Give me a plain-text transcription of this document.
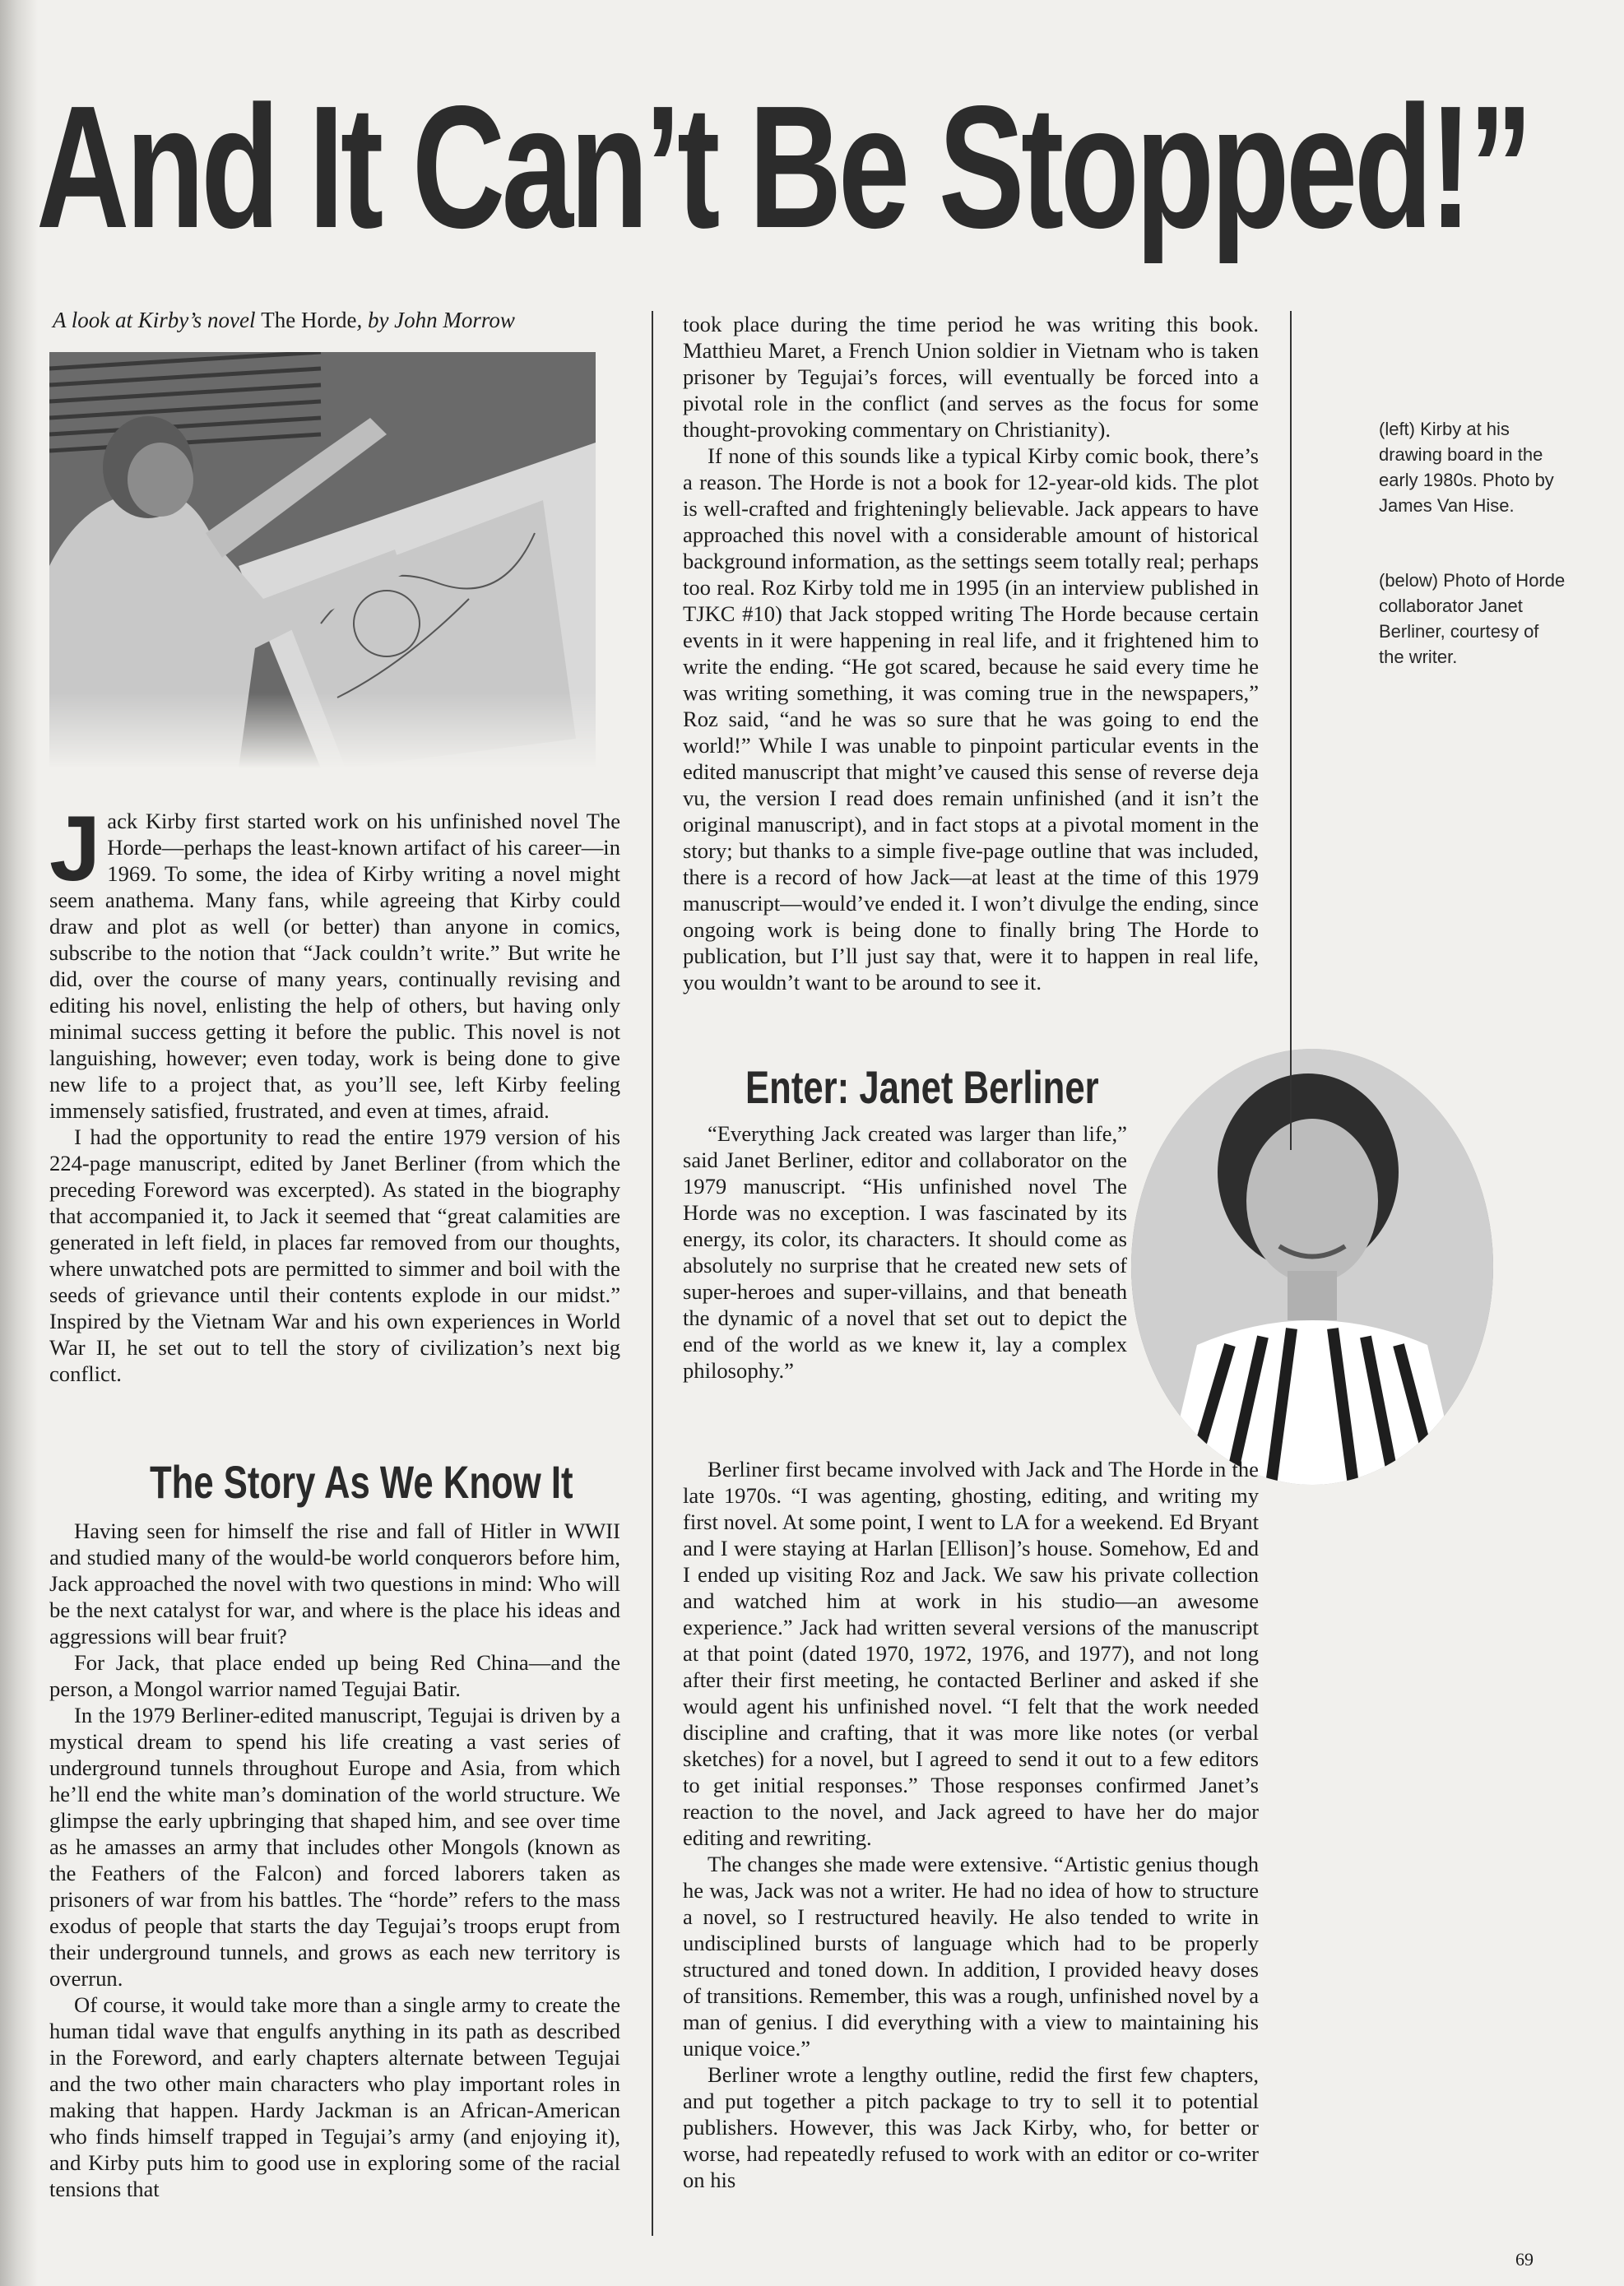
And It Can’t Be Stopped!”
A look at Kirby’s novel The Horde, by John Morrow

Jack Kirby first started work on his unfinished novel The Horde—perhaps the least-known artifact of his career—in 1969. To some, the idea of Kirby writing a novel might seem anathema. Many fans, while agreeing that Kirby could draw and plot as well (or better) than anyone in comics, subscribe to the notion that “Jack couldn’t write.” But write he did, over the course of many years, continually revising and editing his novel, enlisting the help of others, but having only minimal success getting it before the public. This novel is not languishing, however; even today, work is being done to give new life to a project that, as you’ll see, left Kirby feeling immensely satisfied, frustrated, and even at times, afraid.

I had the opportunity to read the entire 1979 version of his 224-page manuscript, edited by Janet Berliner (from which the preceding Foreword was excerpted). As stated in the biography that accompanied it, to Jack it seemed that “great calamities are generated in left field, in places far removed from our thoughts, where unwatched pots are permitted to simmer and boil with the seeds of grievance until their contents explode in our midst.” Inspired by the Vietnam War and his own experiences in World War II, he set out to tell the story of civilization’s next big conflict.

The Story As We Know It

Having seen for himself the rise and fall of Hitler in WWII and studied many of the would-be world conquerors before him, Jack approached the novel with two questions in mind: Who will be the next catalyst for war, and where is the place his ideas and aggressions will bear fruit?

For Jack, that place ended up being Red China—and the person, a Mongol warrior named Tegujai Batir.

In the 1979 Berliner-edited manuscript, Tegujai is driven by a mystical dream to spend his life creating a vast series of underground tunnels throughout Europe and Asia, from which he’ll end the white man’s domination of the world structure. We glimpse the early upbringing that shaped him, and see over time as he amasses an army that includes other Mongols (known as the Feathers of the Falcon) and forced laborers taken as prisoners of war from his battles. The “horde” refers to the mass exodus of people that starts the day Tegujai’s troops erupt from their underground tunnels, and grows as each new territory is overrun.

Of course, it would take more than a single army to create the human tidal wave that engulfs anything in its path as described in the Foreword, and early chapters alternate between Tegujai and the two other main characters who play important roles in making that happen. Hardy Jackman is an African-American who finds himself trapped in Tegujai’s army (and enjoying it), and Kirby puts him to good use in exploring some of the racial tensions that

took place during the time period he was writing this book. Matthieu Maret, a French Union soldier in Vietnam who is taken prisoner by Tegujai’s forces, will eventually be forced into a pivotal role in the conflict (and serves as the focus for some thought-provoking commentary on Christianity).

If none of this sounds like a typical Kirby comic book, there’s a reason. The Horde is not a book for 12-year-old kids. The plot is well-crafted and frighteningly believable. Jack appears to have approached this novel with a considerable amount of historical background information, as the settings seem totally real; perhaps too real. Roz Kirby told me in 1995 (in an interview published in TJKC #10) that Jack stopped writing The Horde because certain events in it were happening in real life, and it frightened him to write the ending. “He got scared, because he said every time he was writing something, it was coming true in the newspapers,” Roz said, “and he was so sure that he was going to end the world!” While I was unable to pinpoint particular events in the edited manuscript that might’ve caused this sense of reverse deja vu, the version I read does remain unfinished (and it isn’t the original manuscript), and in fact stops at a pivotal moment in the story; but thanks to a simple five-page outline that was included, there is a record of how Jack—at least at the time of this 1979 manuscript—would’ve ended it. I won’t divulge the ending, since ongoing work is being done to finally bring The Horde to publication, but I’ll just say that, were it to happen in real life, you wouldn’t want to be around to see it.

Enter: Janet Berliner

“Everything Jack created was larger than life,” said Janet Berliner, editor and collaborator on the 1979 manuscript. “His unfinished novel The Horde was no exception. I was fascinated by its energy, its color, its characters. It should come as absolutely no surprise that he created new sets of super-heroes and super-villains, and that beneath the dynamic of a novel that set out to depict the end of the world as we knew it, lay a complex philosophy.”

Berliner first became involved with Jack and The Horde in the late 1970s. “I was agenting, ghosting, editing, and writing my first novel. At some point, I went to LA for a weekend. Ed Bryant and I were staying at Harlan [Ellison]’s house. Somehow, Ed and I ended up visiting Roz and Jack. We saw his private collection and watched him at work in his studio—an awesome experience.” Jack had written several versions of the manuscript at that point (dated 1970, 1972, 1976, and 1977), and not long after their first meeting, he contacted Berliner and asked if she would agent his unfinished novel. “I felt that the work needed discipline and crafting, that it was more like notes (or verbal sketches) for a novel, but I agreed to send it out to a few editors to get initial responses.” Those responses confirmed Janet’s reaction to the novel, and Jack agreed to have her do major editing and rewriting.

The changes she made were extensive. “Artistic genius though he was, Jack was not a writer. He had no idea of how to structure a novel, so I restructured heavily. He also tended to write in undisciplined bursts of language which had to be properly structured and toned down. In addition, I provided heavy doses of transitions. Remember, this was a rough, unfinished novel by a man of genius. I did everything with a view to maintaining his unique voice.”

Berliner wrote a lengthy outline, redid the first few chapters, and put together a pitch package to try to sell it to potential publishers. However, this was Jack Kirby, who, for better or worse, had repeatedly refused to work with an editor or co-writer on his

(left) Kirby at his drawing board in the early 1980s. Photo by James Van Hise.
(below) Photo of Horde collaborator Janet Berliner, courtesy of the writer.
69
